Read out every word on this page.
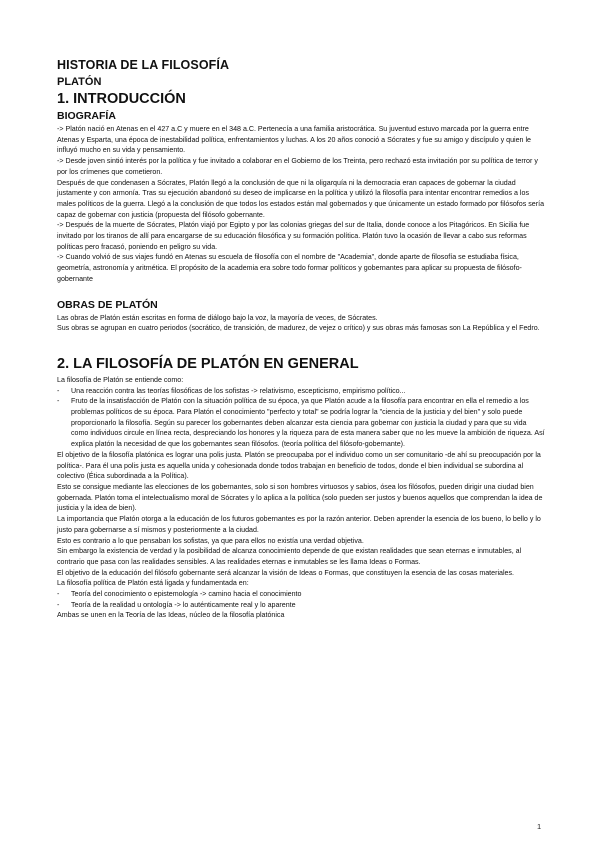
HISTORIA DE LA FILOSOFÍA
PLATÓN
1. INTRODUCCIÓN
BIOGRAFÍA

-> Platón nació en Atenas en el 427 a.C y muere en el 348 a.C. Pertenecía a una familia aristocrática. Su juventud estuvo marcada por la guerra entre Atenas y Esparta, una época de inestabilidad política, enfrentamientos y luchas. A los 20 años conoció a Sócrates y fue su amigo y discípulo y quien le influyó mucho en su vida y pensamiento.

-> Desde joven sintió interés por la política y fue invitado a colaborar en el Gobierno de los Treinta, pero rechazó esta invitación por su política de terror y por los crímenes que cometieron.

Después de que condenasen a Sócrates, Platón llegó a la conclusión de que ni la oligarquía ni la democracia eran capaces de gobernar la ciudad justamente y con armonía. Tras su ejecución abandonó su deseo de implicarse en la política y utilizó la filosofía para intentar encontrar remedios a los males políticos de la guerra. Llegó a la conclusión de que todos los estados están mal gobernados y que únicamente un estado formado por filósofos sería capaz de gobernar con justicia (propuesta del filósofo gobernante.

-> Después de la muerte de Sócrates, Platón viajó por Egipto y por las colonias griegas del sur de Italia, donde conoce a los Pitagóricos. En Sicilia fue invitado por los tiranos de allí para encargarse de su educación filosófica y su formación política. Platón tuvo la ocasión de llevar a cabo sus reformas políticas pero fracasó, poniendo en peligro su vida.

-> Cuando volvió de sus viajes fundó en Atenas su escuela de filosofía con el nombre de "Academia", donde aparte de filosofía se estudiaba física, geometría, astronomía y aritmética. El propósito de la academia era sobre todo formar políticos y gobernantes para aplicar su propuesta de filósofo-gobernante

OBRAS DE PLATÓN

Las obras de Platón están escritas en forma de diálogo bajo la voz, la mayoría de veces, de Sócrates.

Sus obras se agrupan en cuatro periodos (socrático, de transición, de madurez, de vejez o crítico) y sus obras más famosas son La República y el Fedro.

2. LA FILOSOFÍA DE PLATÓN EN GENERAL

La filosofía de Platón se entiende como:

- Una reacción contra las teorías filosóficas de los sofistas -> relativismo, escepticismo, empirismo político...
- Fruto de la insatisfacción de Platón con la situación política de su época, ya que Platón acude a la filosofía para encontrar en ella el remedio a los problemas políticos de su época. Para Platón el conocimiento "perfecto y total" se podría lograr la "ciencia de la justicia y del bien" y solo puede proporcionarlo la filosofía. Según su parecer los gobernantes deben alcanzar esta ciencia para gobernar con justicia la ciudad y para que su vida como individuos circule en línea recta, despreciando los honores y la riqueza para de esta manera saber que no les mueve la ambición de riqueza. Así explica platón la necesidad de que los gobernantes sean filósofos. (teoría política del filósofo-gobernante).

El objetivo de la filosofía platónica es lograr una polis justa. Platón se preocupaba por el individuo como un ser comunitario -de ahí su preocupación por la política-. Para él una polis justa es aquella unida y cohesionada donde todos trabajan en beneficio de todos, donde el bien individual se subordina al colectivo (Ética subordinada a la Política).

Esto se consigue mediante las elecciones de los gobernantes, solo si son hombres virtuosos y sabios, ósea los filósofos, pueden dirigir una ciudad bien gobernada. Platón toma el intelectualismo moral de Sócrates y lo aplica a la política (solo pueden ser justos y buenos aquellos que comprendan la idea de justicia y la idea de bien).

La importancia que Platón otorga a la educación de los futuros gobernantes es por la razón anterior. Deben aprender la esencia de los bueno, lo bello y lo justo para gobernarse a sí mismos y posteriormente a la ciudad.

Esto es contrario a lo que pensaban los sofistas, ya que para ellos no existía una verdad objetiva.

Sin embargo la existencia de verdad y la posibilidad de alcanza conocimiento depende de que existan realidades que sean eternas e inmutables, al contrario que pasa con las realidades sensibles. A las realidades eternas e inmutables se les llama Ideas o Formas.

El objetivo de la educación del filósofo gobernante será alcanzar la visión de Ideas o Formas, que constituyen la esencia de las cosas materiales.

La filosofía política de Platón está ligada y fundamentada en:

- Teoría del conocimiento o epistemología -> camino hacia el conocimiento
- Teoría de la realidad u ontología -> lo auténticamente real y lo aparente

Ambas se unen en la Teoría de las Ideas, núcleo de la filosofía platónica

1
